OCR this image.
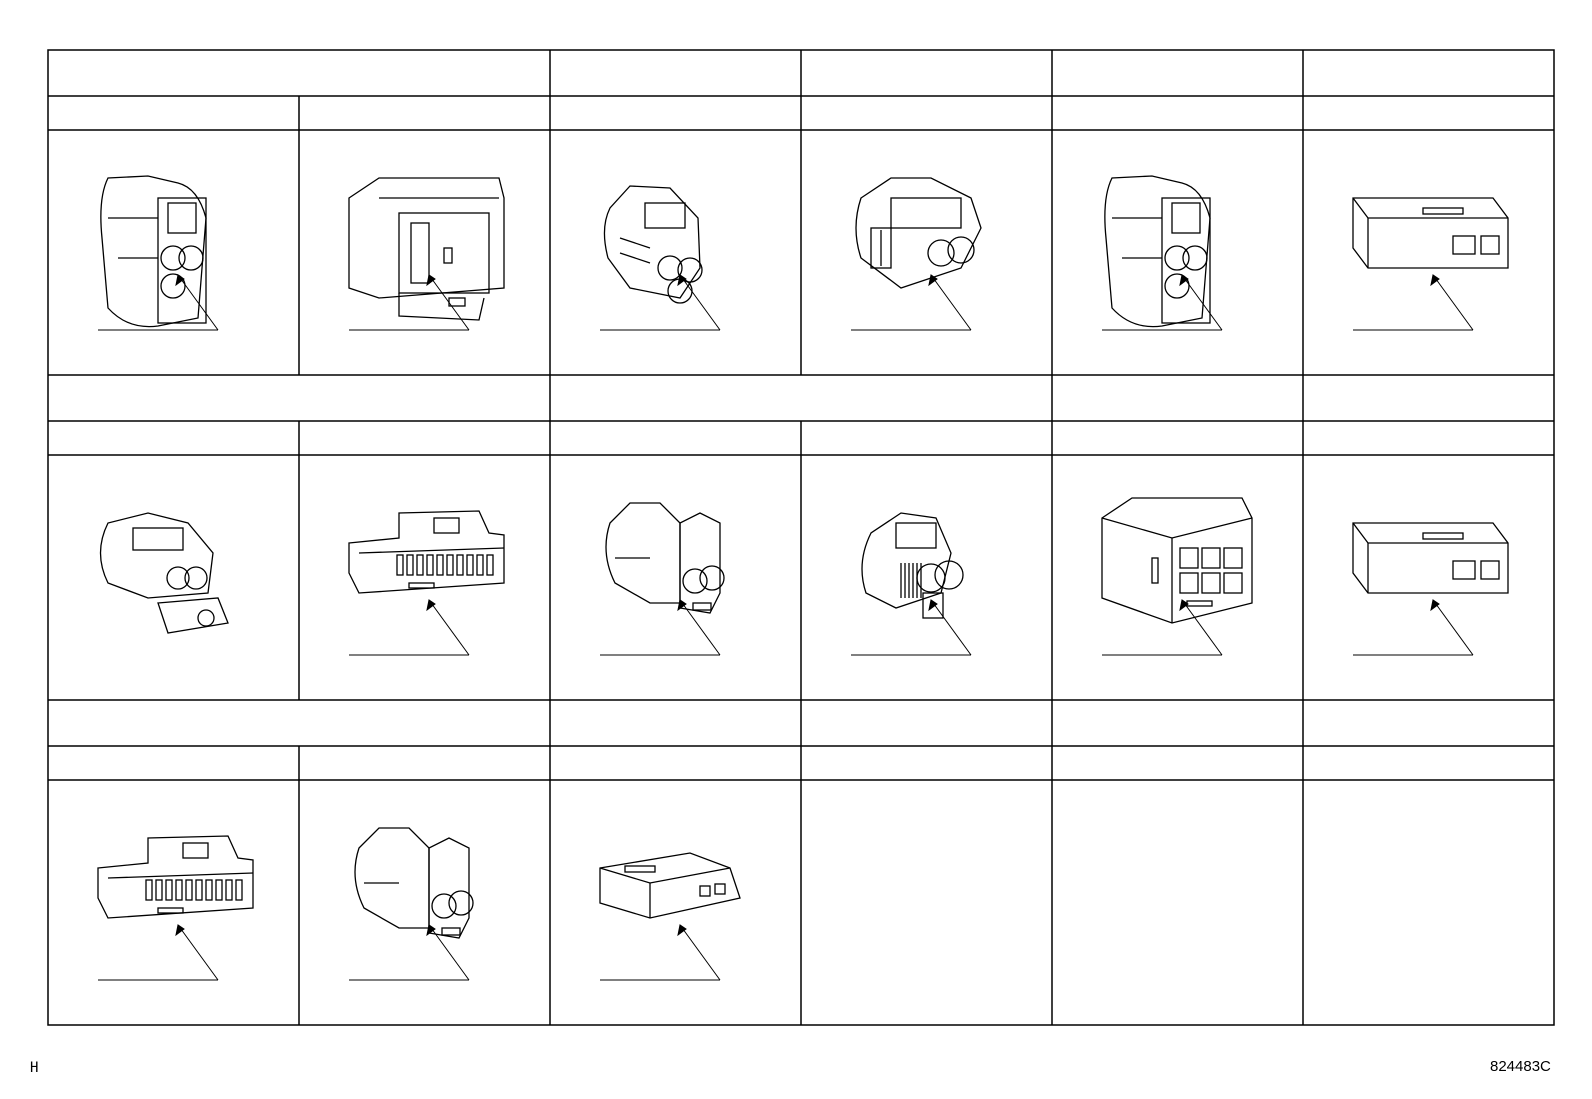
H	824483C
